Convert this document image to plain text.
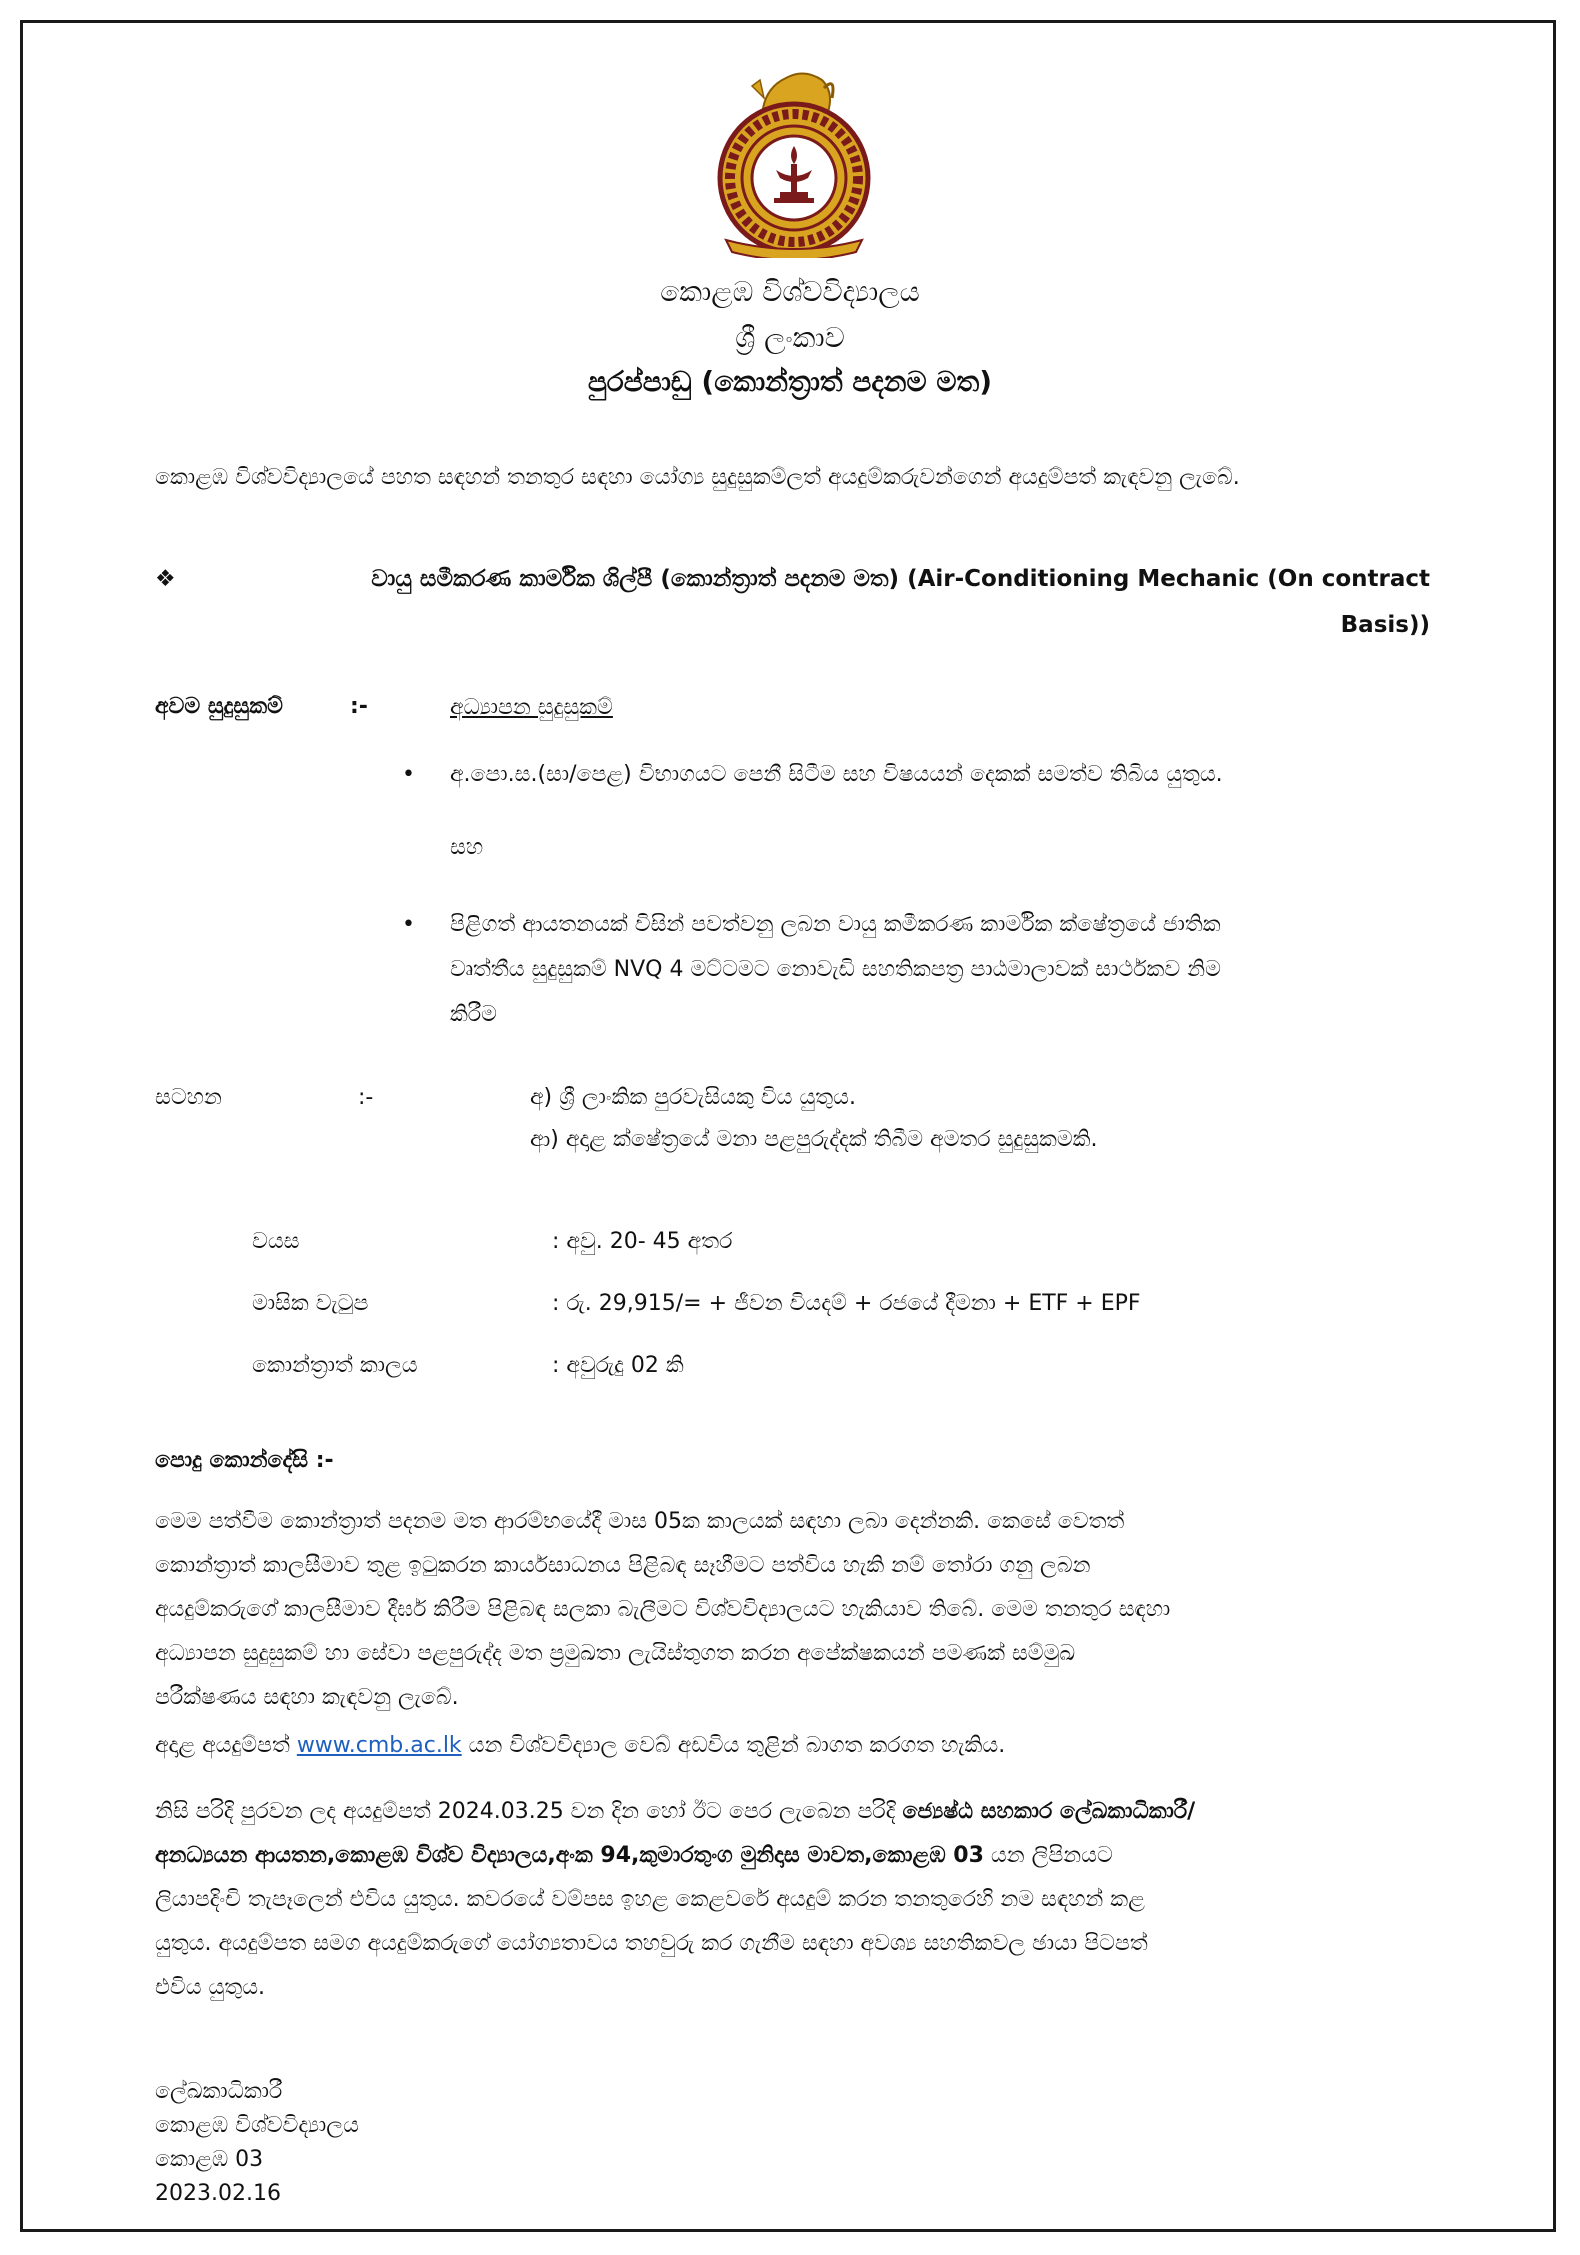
කොළඹ විශ්වවිද්‍යාලය
ශ්‍රී ලංකාව
පුරප්පාඩු (කොන්ත්‍රාත් පදනම මත)
කොළඹ විශ්වවිද්‍යාලයේ පහත සඳහන් තනතුර සඳහා යෝග්‍ය සුදුසුකම්ලත් අයදුම්කරුවන්ගෙන් අයදුම්පත් කැඳවනු ලැබේ.
❖	වායු සමීකරණ කාර්මික ශිල්පී (කොන්ත්‍රාත් පදනම මත) (Air-Conditioning Mechanic (On contract
Basis))
අවම සුදුසුකම්	:-	අධ්‍යාපන සුදුසුකම්
• අ.පො.ස.(සා/පෙළ) විභාගයට පෙනී සිටීම සහ විෂයයන් දෙකක් සමත්ව තිබිය යුතුය.
සහ
• පිළිගත් ආයතනයක් විසින් පවත්වනු ලබන වායු කමීකරණ කාර්මික ක්ෂේත්‍රයේ ජාතික
වෘත්තීය සුදුසුකම් NVQ 4 මට්ටමට නොවැඩි සහතිකපත්‍ර පාඨමාලාවක් සාර්ථකව නිම
කිරීම
සටහන	:-	අ) ශ්‍රී ලාංකික පුරවැසියකු විය යුතුය.
ආ) අදාළ ක්ෂේත්‍රයේ මනා පළපුරුද්දක් තිබීම අමතර සුදුසුකමකි.
වයස	: අවු. 20- 45 අතර
මාසික වැටුප	: රු. 29,915/= + ජීවන වියදම් + රජයේ දීමනා + ETF + EPF
කොන්ත්‍රාත් කාලය	: අවුරුදු 02 කි
පොදු කොන්දේසි :-
මෙම පත්වීම කොන්ත්‍රාත් පදනම මත ආරම්භයේදී මාස 05ක කාලයක් සඳහා ලබා දෙන්නකි. කෙසේ වෙතත්
කොන්ත්‍රාත් කාලසීමාව තුළ ඉටුකරන කාර්යසාධනය පිළිබඳ සෑහීමට පත්විය හැකි නම් තෝරා ගනු ලබන
අයදුම්කරුගේ කාලසීමාව දීර්ඝ කිරීම පිළිබඳ සලකා බැලීමට විශ්වවිද්‍යාලයට හැකියාව තිබේ. මෙම තනතුර සඳහා
අධ්‍යාපන සුදුසුකම් හා සේවා පළපුරුද්ද මත ප්‍රමුඛතා ලැයිස්තුගත කරන අපේක්ෂකයන් පමණක් සම්මුඛ
පරීක්ෂණය සඳහා කැඳවනු ලැබේ.
අදාළ අයදුම්පත් www.cmb.ac.lk යන විශ්වවිද්‍යාල වෙබ් අඩවිය තුළින් බාගත කරගත හැකිය.
නිසි පරිදි පුරවන ලද අයදුම්පත් 2024.03.25 වන දින හෝ ඊට පෙර ලැබෙන පරිදි ජ්‍යෙෂ්ඨ සහකාර ලේඛකාධිකාරී/
අනධ්‍යයන ආයතන,කොළඹ විශ්ව විද්‍යාලය,අංක 94,කුමාරතුංග මුනිදාස මාවත,කොළඹ 03 යන ලිපිනයට
ලියාපදිංචි තැපෑලෙන් එවිය යුතුය. කවරයේ වම්පස ඉහළ කෙළවරේ අයදුම් කරන තනතුරෙහි නම සඳහන් කළ
යුතුය. අයදුම්පත සමග අයදුම්කරුගේ යෝග්‍යතාවය තහවුරු කර ගැනීම සඳහා අවශ්‍ය සහතිකවල ඡායා පිටපත්
එවිය යුතුය.
ලේඛකාධිකාරී
කොළඹ විශ්වවිද්‍යාලය
කොළඹ 03
2023.02.16
